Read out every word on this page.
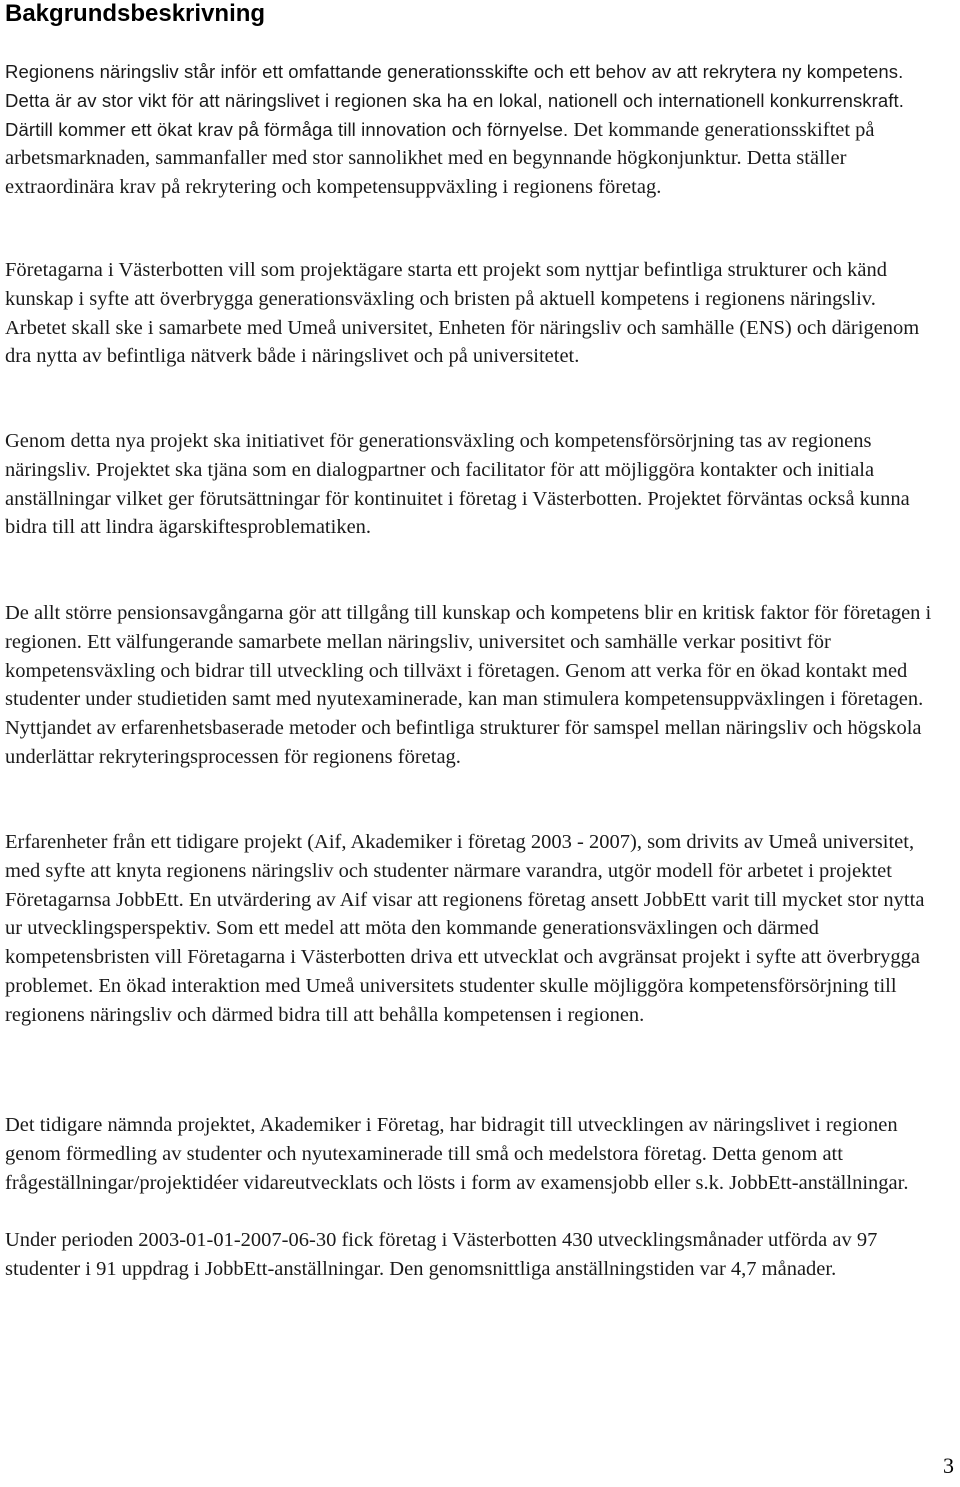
Bakgrundsbeskrivning

Regionens näringsliv står inför ett omfattande generationsskifte och ett behov av att rekrytera ny kompetens. Detta är av stor vikt för att näringslivet i regionen ska ha en lokal, nationell och internationell konkurrenskraft. Därtill kommer ett ökat krav på förmåga till innovation och förnyelse. Det kommande generationsskiftet på arbetsmarknaden, sammanfaller med stor sannolikhet med en begynnande högkonjunktur. Detta ställer extraordinära krav på rekrytering och kompetensuppväxling i regionens företag.

Företagarna i Västerbotten vill som projektägare starta ett projekt som nyttjar befintliga strukturer och känd kunskap i syfte att överbrygga generationsväxling och bristen på aktuell kompetens i regionens näringsliv. Arbetet skall ske i samarbete med Umeå universitet, Enheten för näringsliv och samhälle (ENS) och därigenom dra nytta av befintliga nätverk både i näringslivet och på universitetet.

Genom detta nya projekt ska initiativet för generationsväxling och kompetensförsörjning tas av regionens näringsliv. Projektet ska tjäna som en dialogpartner och facilitator för att möjliggöra kontakter och initiala anställningar vilket ger förutsättningar för kontinuitet i företag i Västerbotten. Projektet förväntas också kunna bidra till att lindra ägarskiftesproblematiken.

De allt större pensionsavgångarna gör att tillgång till kunskap och kompetens blir en kritisk faktor för företagen i regionen. Ett välfungerande samarbete mellan näringsliv, universitet och samhälle verkar positivt för kompetensväxling och bidrar till utveckling och tillväxt i företagen. Genom att verka för en ökad kontakt med studenter under studietiden samt med nyutexaminerade, kan man stimulera kompetensuppväxlingen i företagen. Nyttjandet av erfarenhetsbaserade metoder och befintliga strukturer för samspel mellan näringsliv och högskola underlättar rekryteringsprocessen för regionens företag.

Erfarenheter från ett tidigare projekt (Aif, Akademiker i företag 2003 - 2007), som drivits av Umeå universitet, med syfte att knyta regionens näringsliv och studenter närmare varandra, utgör modell för arbetet i projektet Företagarnsa JobbEtt. En utvärdering av Aif visar att regionens företag ansett JobbEtt varit till mycket stor nytta ur utvecklingsperspektiv. Som ett medel att möta den kommande generationsväxlingen och därmed kompetensbristen vill Företagarna i Västerbotten driva ett utvecklat och avgränsat projekt i syfte att överbrygga problemet. En ökad interaktion med Umeå universitets studenter skulle möjliggöra kompetensförsörjning till regionens näringsliv och därmed bidra till att behålla kompetensen i regionen.

Det tidigare nämnda projektet, Akademiker i Företag, har bidragit till utvecklingen av näringslivet i regionen genom förmedling av studenter och nyutexaminerade till små och medelstora företag. Detta genom att frågeställningar/projektidéer vidareutvecklats och lösts i form av examensjobb eller s.k. JobbEtt-anställningar.

Under perioden 2003-01-01-2007-06-30 fick företag i Västerbotten 430 utvecklingsmånader utförda av 97 studenter i 91 uppdrag i JobbEtt-anställningar. Den genomsnittliga anställningstiden var 4,7 månader.

3
